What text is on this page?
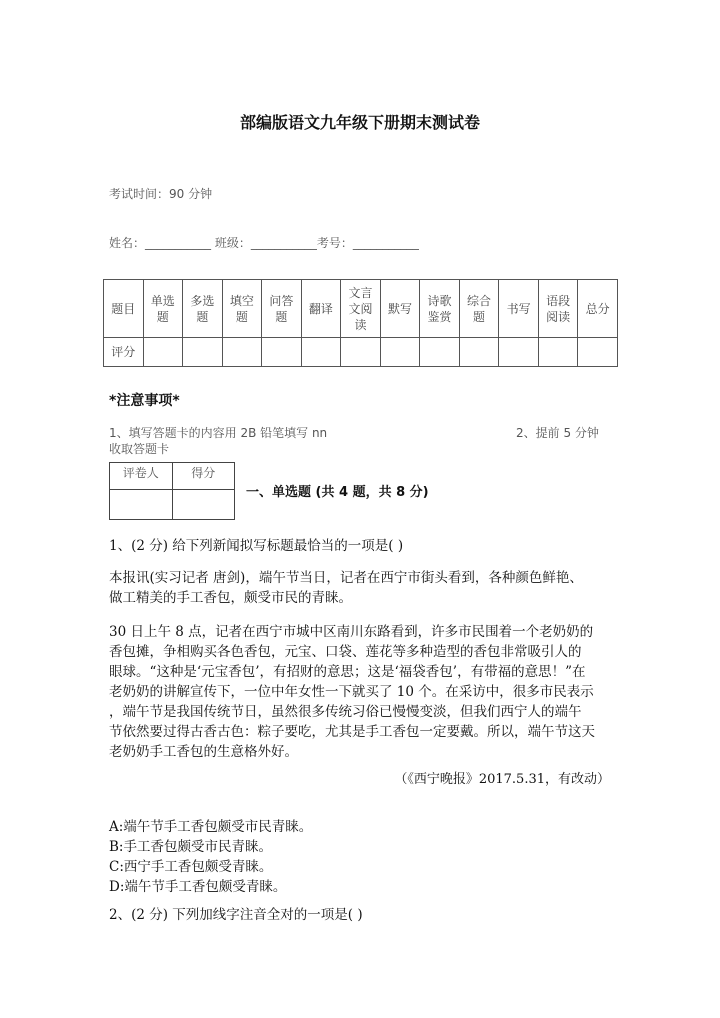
部编版语文九年级下册期末测试卷
考试时间：90 分钟
姓名：___________ 班级：___________考号：___________
题目	单选题	多选题	填空题	问答题	翻译	文言文阅读	默写	诗歌鉴赏	综合题	书写	语段阅读	总分
评分												
*注意事项*
1、填写答题卡的内容用 2B 铅笔填写 nn	2、提前 5 分钟
收取答题卡
评卷人	得分

一、单选题 (共 4 题，共 8 分)
1、(2 分) 给下列新闻拟写标题最恰当的一项是( )
本报讯(实习记者 唐剑)，端午节当日，记者在西宁市街头看到，各种颜色鲜艳、
做工精美的手工香包，颇受市民的青睐。
30 日上午 8 点，记者在西宁市城中区南川东路看到，许多市民围着一个老奶奶的
香包摊，争相购买各色香包，元宝、口袋、莲花等多种造型的香包非常吸引人的
眼球。“这种是‘元宝香包’，有招财的意思；这是‘福袋香包’，有带福的意思！”在
老奶奶的讲解宣传下，一位中年女性一下就买了 10 个。在采访中，很多市民表示
，端午节是我国传统节日，虽然很多传统习俗已慢慢变淡，但我们西宁人的端午
节依然要过得古香古色：粽子要吃，尤其是手工香包一定要戴。所以，端午节这天
老奶奶手工香包的生意格外好。
（《西宁晚报》2017.5.31，有改动）
A:端午节手工香包颇受市民青睐。
B:手工香包颇受市民青睐。
C:西宁手工香包颇受青睐。
D:端午节手工香包颇受青睐。
2、(2 分) 下列加线字注音全对的一项是( )
